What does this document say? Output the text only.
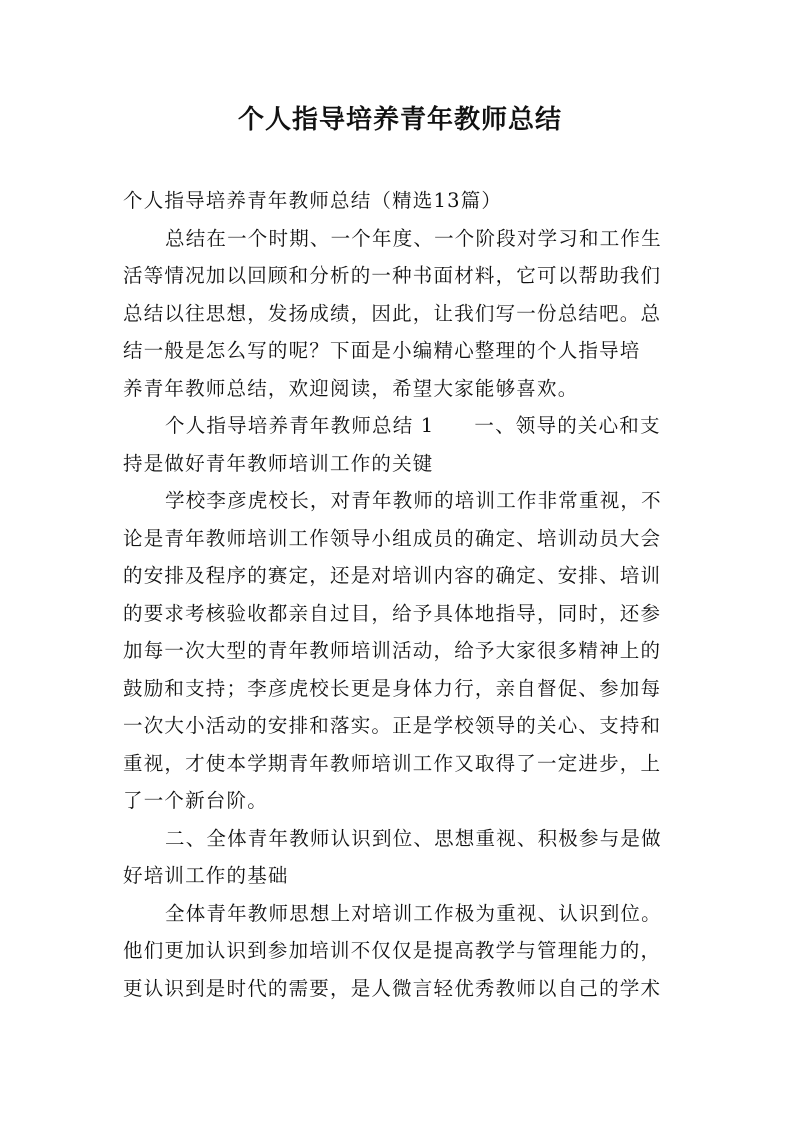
个人指导培养青年教师总结
个人指导培养青年教师总结（精选13篇）
总结在一个时期、一个年度、一个阶段对学习和工作生
活等情况加以回顾和分析的一种书面材料，它可以帮助我们
总结以往思想，发扬成绩，因此，让我们写一份总结吧。总
结一般是怎么写的呢？下面是小编精心整理的个人指导培
养青年教师总结，欢迎阅读，希望大家能够喜欢。
个人指导培养青年教师总结 1 一、领导的关心和支
持是做好青年教师培训工作的关键
学校李彦虎校长，对青年教师的培训工作非常重视，不
论是青年教师培训工作领导小组成员的确定、培训动员大会
的安排及程序的赛定，还是对培训内容的确定、安排、培训
的要求考核验收都亲自过目，给予具体地指导，同时，还参
加每一次大型的青年教师培训活动，给予大家很多精神上的
鼓励和支持；李彦虎校长更是身体力行，亲自督促、参加每
一次大小活动的安排和落实。正是学校领导的关心、支持和
重视，才使本学期青年教师培训工作又取得了一定进步，上
了一个新台阶。
二、全体青年教师认识到位、思想重视、积极参与是做
好培训工作的基础
全体青年教师思想上对培训工作极为重视、认识到位。
他们更加认识到参加培训不仅仅是提高教学与管理能力的，
更认识到是时代的需要，是人微言轻优秀教师以自己的学术
